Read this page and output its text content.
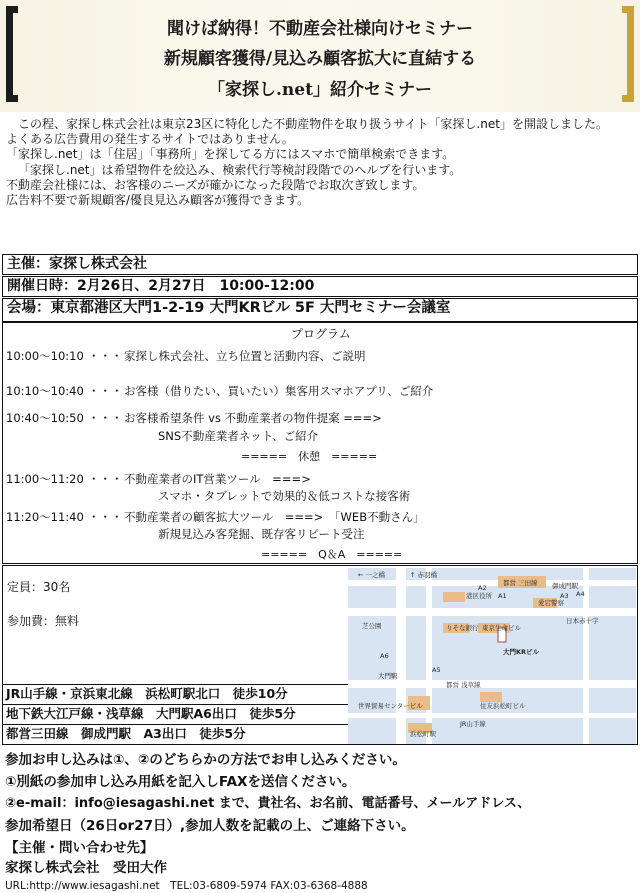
聞けば納得！不動産会社様向けセミナー
新規顧客獲得/見込み顧客拡大に直結する
「家探し.net」紹介セミナー

この程、家探し株式会社は東京23区に特化した不動産物件を取り扱うサイト「家探し.net」を開設しました。

よくある広告費用の発生するサイトではありません。

「家探し.net」は「住居」「事務所」を探してる方にはスマホで簡単検索できます。

「家探し.net」は希望物件を絞込み、検索代行等検討段階でのヘルプを行います。

不動産会社様には、お客様のニーズが確かになった段階でお取次ぎ致します。

広告料不要で新規顧客/優良見込み顧客が獲得できます。

主催：家探し株式会社
開催日時：2月26日、2月27日　10:00-12:00
会場：東京都港区大門1-2-19 大門KRビル 5F 大門セミナー会議室
プログラム
10:00～10:10 ・・・ 家探し株式会社、立ち位置と活動内容、ご説明
10:10～10:40 ・・・ お客様（借りたい、買いたい）集客用スマホアプリ、ご紹介
10:40～10:50 ・・・ お客様希望条件 vs 不動産業者の物件提案 ===>
SNS不動産業者ネット、ご紹介
=====　休憩　=====
11:00～11:20 ・・・ 不動産業者のIT営業ツール　===>
スマホ・タブレットで効果的＆低コストな接客術
11:20～11:40 ・・・ 不動産業者の顧客拡大ツール　===>　「WEB不動さん」
新規見込み客発掘、既存客リピート受注
=====　Q＆A　=====
定員：30名
参加費：無料
JR山手線・京浜東北線　浜松町駅北口　徒歩10分
地下鉄大江戸線・浅草線　大門駅A6出口　徒歩5分
都営三田線　御成門駅　A3出口　徒歩5分
← 一之橋	↑ 赤羽橋
都営 三田線 御成門駅
港区役所
愛宕警察
日本赤十字
芝公園	りそな銀行 東京生命ビル
大門KRビル
都営 浅草線
大門駅
世界貿易センタービル
浜松町駅
JR山手線
住友浜松町ビル
A1
A2
A3 A4
A5
A6
参加お申し込みは①、②のどちらかの方法でお申し込みください。
①別紙の参加申し込み用紙を記入しFAXを送信ください。
②e-mail：info@iesagashi.net まで、貴社名、お名前、電話番号、メールアドレス、
参加希望日（26日or27日）,参加人数を記載の上、ご連絡下さい。
【主催・問い合わせ先】
家探し株式会社　受田大作
URL:http://www.iesagashi.net　TEL:03-6809-5974 FAX:03-6368-4888
